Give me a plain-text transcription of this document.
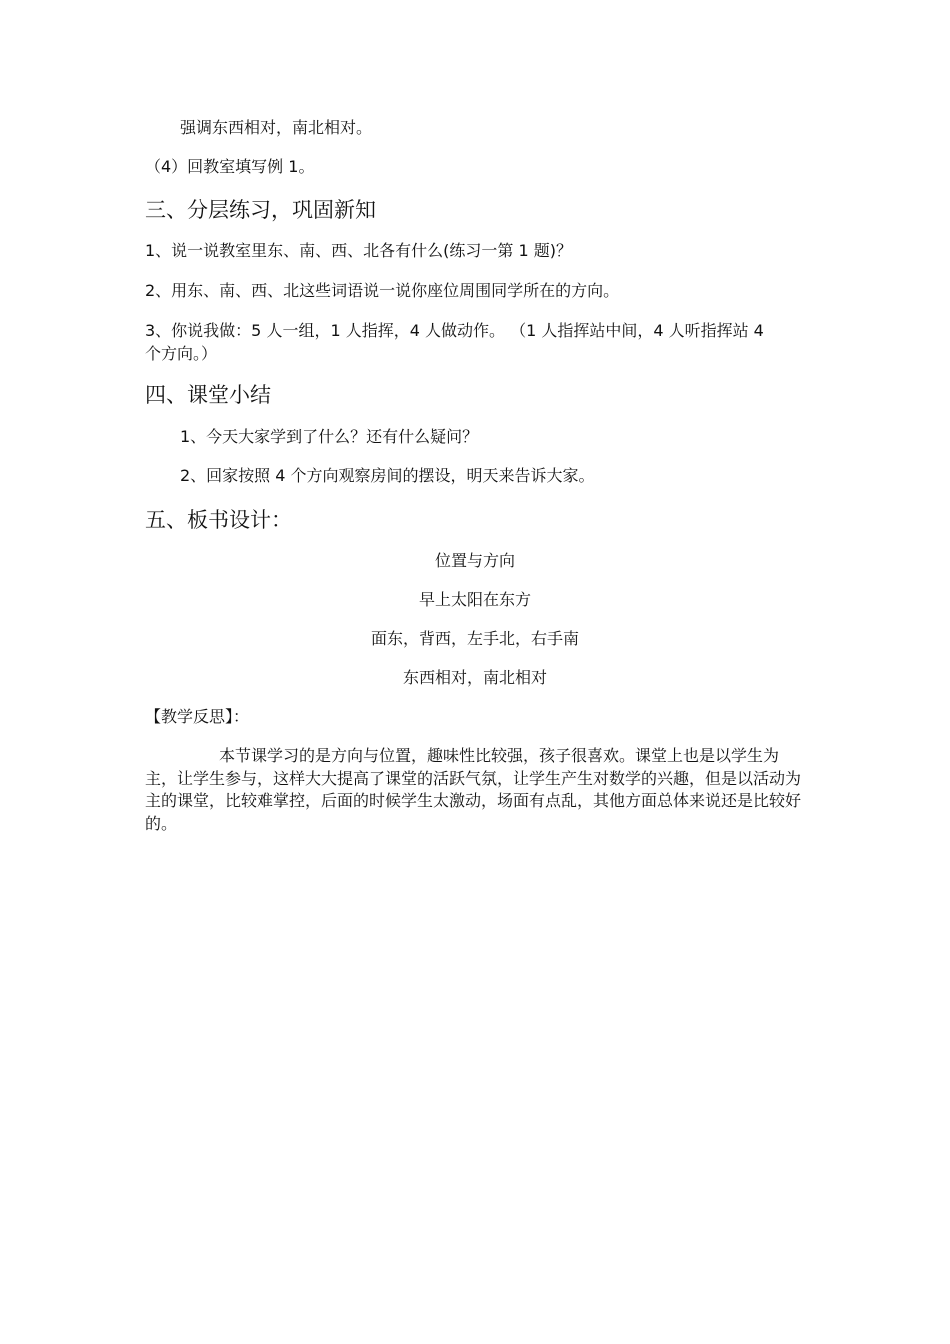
强调东西相对，南北相对。
（4）回教室填写例 1。
三、分层练习，巩固新知
1、说一说教室里东、南、西、北各有什么(练习一第 1 题)？
2、用东、南、西、北这些词语说一说你座位周围同学所在的方向。
3、你说我做：5 人一组，1 人指挥，4 人做动作。 （1 人指挥站中间，4 人听指挥站 4
个方向。）
四、课堂小结
1、今天大家学到了什么？还有什么疑问？
2、回家按照 4 个方向观察房间的摆设，明天来告诉大家。
五、板书设计：
位置与方向
早上太阳在东方
面东，背西，左手北，右手南
东西相对，南北相对
【教学反思】：
本节课学习的是方向与位置，趣味性比较强，孩子很喜欢。课堂上也是以学生为主，让学生参与，这样大大提高了课堂的活跃气氛，让学生产生对数学的兴趣，但是以活动为主的课堂，比较难掌控，后面的时候学生太激动，场面有点乱，其他方面总体来说还是比较好的。
